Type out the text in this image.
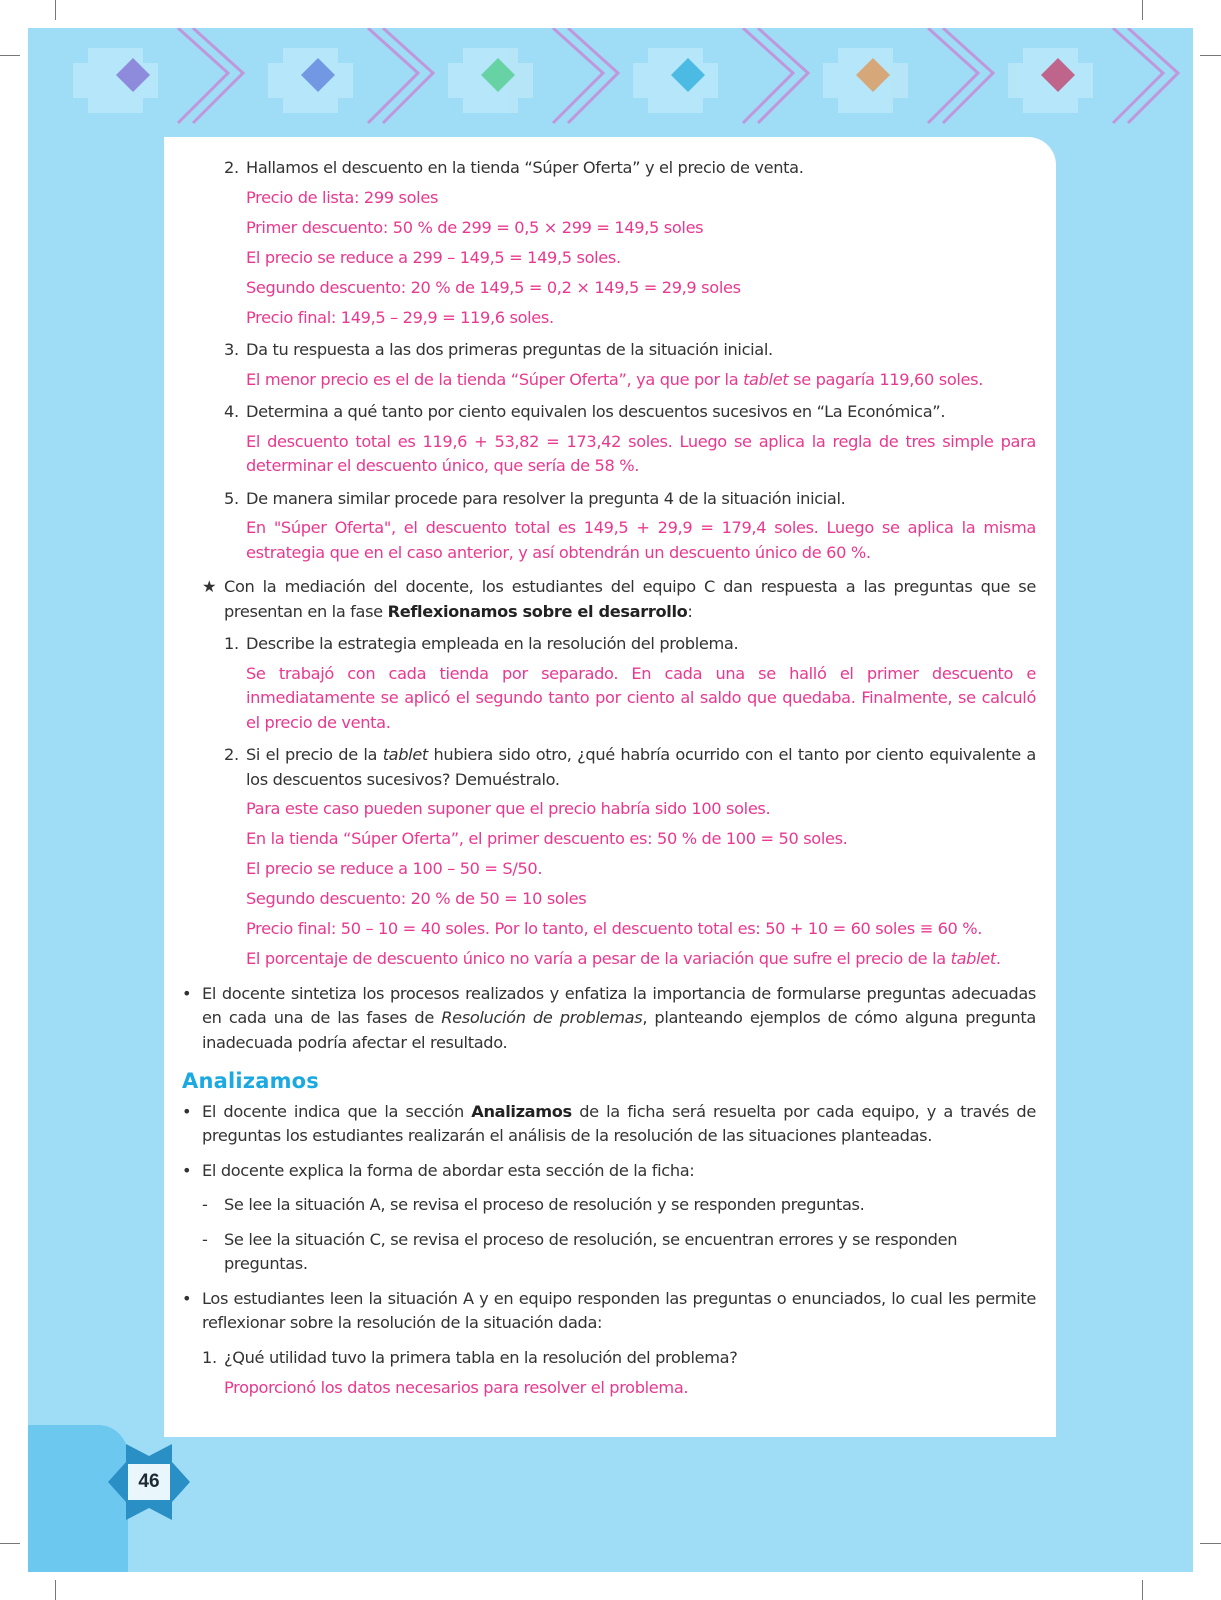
46
2. Hallamos el descuento en la tienda “Súper Oferta” y el precio de venta.

Precio de lista: 299 soles

Primer descuento: 50 % de 299 = 0,5 × 299 = 149,5 soles

El precio se reduce a 299 – 149,5 = 149,5 soles.

Segundo descuento: 20 % de 149,5 = 0,2 × 149,5 = 29,9 soles

Precio final: 149,5 – 29,9 = 119,6 soles.

3. Da tu respuesta a las dos primeras preguntas de la situación inicial.
El menor precio es el de la tienda “Súper Oferta”, ya que por la tablet se pagaría 119,60 soles.
4. Determina a qué tanto por ciento equivalen los descuentos sucesivos en “La Económica”.
El descuento total es 119,6 + 53,82 = 173,42 soles. Luego se aplica la regla de tres simple para determinar el descuento único, que sería de 58 %.
5. De manera similar procede para resolver la pregunta 4 de la situación inicial.
En "Súper Oferta", el descuento total es 149,5 + 29,9 = 179,4 soles. Luego se aplica la misma estrategia que en el caso anterior, y así obtendrán un descuento único de 60 %.
★ Con la mediación del docente, los estudiantes del equipo C dan respuesta a las preguntas que se presentan en la fase Reflexionamos sobre el desarrollo:
1. Describe la estrategia empleada en la resolución del problema.
Se trabajó con cada tienda por separado. En cada una se halló el primer descuento e inmediatamente se aplicó el segundo tanto por ciento al saldo que quedaba. Finalmente, se calculó el precio de venta.
2. Si el precio de la tablet hubiera sido otro, ¿qué habría ocurrido con el tanto por ciento equivalente a los descuentos sucesivos? Demuéstralo.

Para este caso pueden suponer que el precio habría sido 100 soles.

En la tienda “Súper Oferta”, el primer descuento es: 50 % de 100 = 50 soles.

El precio se reduce a 100 – 50 = S/50.

Segundo descuento: 20 % de 50 = 10 soles

Precio final: 50 – 10 = 40 soles. Por lo tanto, el descuento total es: 50 + 10 = 60 soles ≡ 60 %.

El porcentaje de descuento único no varía a pesar de la variación que sufre el precio de la tablet.

• El docente sintetiza los procesos realizados y enfatiza la importancia de formularse preguntas adecuadas en cada una de las fases de Resolución de problemas, planteando ejemplos de cómo alguna pregunta inadecuada podría afectar el resultado.
Analizamos
• El docente indica que la sección Analizamos de la ficha será resuelta por cada equipo, y a través de preguntas los estudiantes realizarán el análisis de la resolución de las situaciones planteadas.
• El docente explica la forma de abordar esta sección de la ficha:
- Se lee la situación A, se revisa el proceso de resolución y se responden preguntas.
- Se lee la situación C, se revisa el proceso de resolución, se encuentran errores y se responden preguntas.
• Los estudiantes leen la situación A y en equipo responden las preguntas o enunciados, lo cual les permite reflexionar sobre la resolución de la situación dada:
1. ¿Qué utilidad tuvo la primera tabla en la resolución del problema?
Proporcionó los datos necesarios para resolver el problema.
